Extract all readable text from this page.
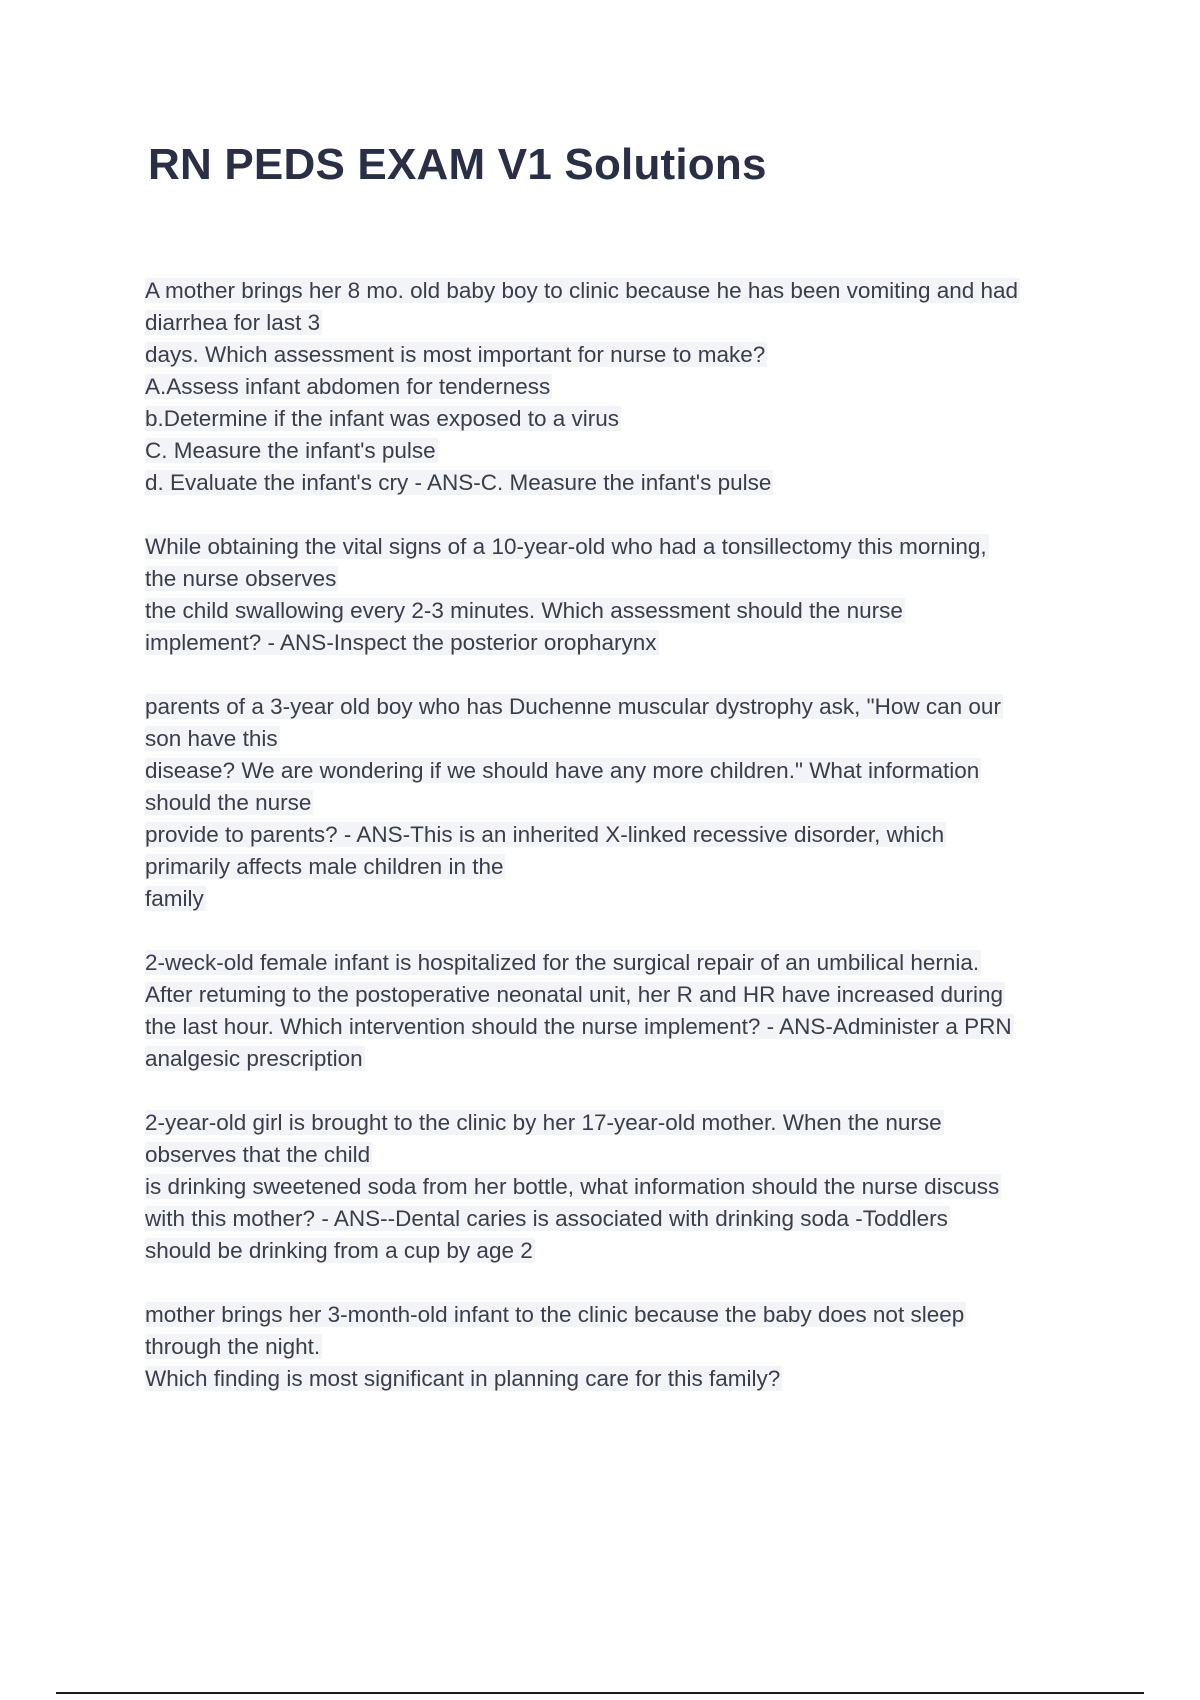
RN PEDS EXAM V1 Solutions
A mother brings her 8 mo. old baby boy to clinic because he has been vomiting and had
diarrhea for last 3
days. Which assessment is most important for nurse to make?
A.Assess infant abdomen for tenderness
b.Determine if the infant was exposed to a virus
C. Measure the infant's pulse
d. Evaluate the infant's cry - ANS-C. Measure the infant's pulse
While obtaining the vital signs of a 10-year-old who had a tonsillectomy this morning,
the nurse observes
the child swallowing every 2-3 minutes. Which assessment should the nurse
implement? - ANS-Inspect the posterior oropharynx
parents of a 3-year old boy who has Duchenne muscular dystrophy ask, "How can our
son have this
disease? We are wondering if we should have any more children." What information
should the nurse
provide to parents? - ANS-This is an inherited X-linked recessive disorder, which
primarily affects male children in the
family
2-weck-old female infant is hospitalized for the surgical repair of an umbilical hernia.
After retuming to the postoperative neonatal unit, her R and HR have increased during
the last hour. Which intervention should the nurse implement? - ANS-Administer a PRN
analgesic prescription
2-year-old girl is brought to the clinic by her 17-year-old mother. When the nurse
observes that the child
is drinking sweetened soda from her bottle, what information should the nurse discuss
with this mother? - ANS--Dental caries is associated with drinking soda -Toddlers
should be drinking from a cup by age 2
mother brings her 3-month-old infant to the clinic because the baby does not sleep
through the night.
Which finding is most significant in planning care for this family?
